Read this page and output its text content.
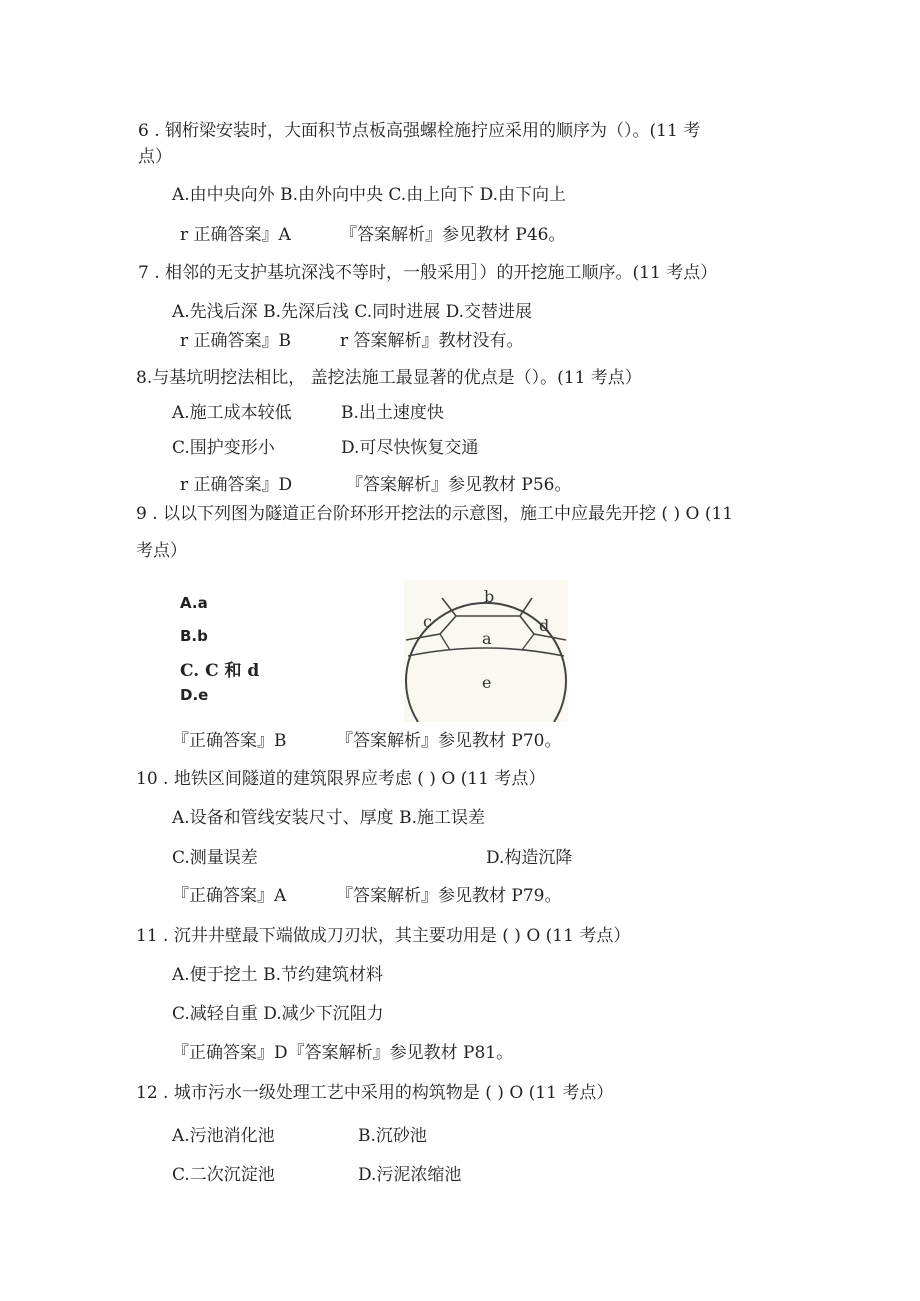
6 . 钢桁梁安装时，大面积节点板高强螺栓施拧应采用的顺序为（）。(11 考
点）
A.由中央向外 B.由外向中央 C.由上向下 D.由下向上
r 正确答案』A	『答案解析』参见教材 P46。
7 . 相邻的无支护基坑深浅不等时，一般采用］）的开挖施工顺序。(11 考点）
A.先浅后深 B.先深后浅 C.同时进展 D.交替进展
r 正确答案』B	r 答案解析』教材没有。
8.与基坑明挖法相比， 盖挖法施工最显著的优点是（）。(11 考点）
A.施工成本较低	B.出土速度快
C.围护变形小	D.可尽快恢复交通
r 正确答案』D	『答案解析』参见教材 P56。
9 . 以以下列图为隧道正台阶环形开挖法的示意图，施工中应最先开挖 ( ) O (11
考点）
A.a
B.b
C. C 和 d
D.e
b
c
a
d
e
『正确答案』B	『答案解析』参见教材 P70。
10 . 地铁区间隧道的建筑限界应考虑 ( ) O (11 考点）
A.设备和管线安装尺寸、厚度 B.施工误差
C.测量误差	D.构造沉降
『正确答案』A	『答案解析』参见教材 P79。
11 . 沉井井壁最下端做成刀刃状，其主要功用是 ( ) O (11 考点）
A.便于挖土 B.节约建筑材料
C.减轻自重 D.减少下沉阻力
『正确答案』D『答案解析』参见教材 P81。
12 . 城市污水一级处理工艺中采用的构筑物是 ( ) O (11 考点）
A.污池消化池	B.沉砂池
C.二次沉淀池	D.污泥浓缩池
